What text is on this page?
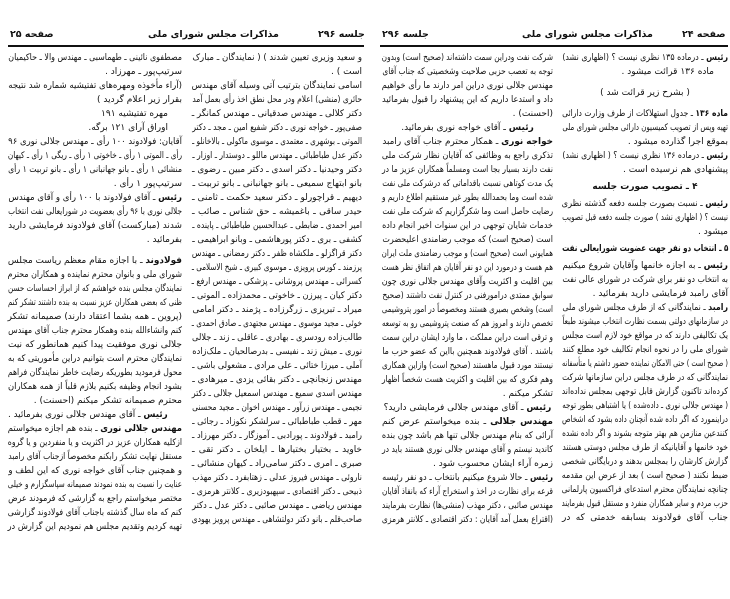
صفحه ۲۵	مذاکرات مجلس شورای ملی	جلسه ۲۹۶
مصطفوی نائینی ـ طهماسبی ـ مهندس والا ـ حاکیمیان
سرتیپ‌پور ـ مهرزاد .
(آراء مأخوذه ومهره‌های تفتیشیه شماره شد نتیجه
بقرار زیر اعلام گردید )
مهره تفتیشیه ۱۹۱
اوراق آرای ۱۲۱ برگه.
آقایان: فولادوند ۱۰۰ رأی ـ مهندس جلالی نوری ۹۶
رأی ـ الموتی ۱ رأی ـ خاخوتی ۱ رأی ـ ریگی ۱ رأی ـ کیهان
منشائی ۱ رأی ـ بانو جهانبانی ۱ رأی ـ بانو تربیت ۱ رأی
سرتیپ‌پور ۱ رأی .
رئیس ـ آقای فولادوند با ۱۰۰ رأی و آقای مهندس
جلالی نوری با ۹۶ رأی بعضویت در شورایعالی نفت انتخاب
شدند (مبارکست) آقای فولادوند فرمایشی دارید
بفرمائید .
فولادوند ـ با اجازه مقام معظم ریاست مجلس
شورای ملی و بانوان محترم نماینده و همکاران محترم
نمایندگان مجلس بنده خواهشم که از ابراز احساسات حسن
ظنی که بعضی همکاران عزیز نسبت به بنده داشتند تشکر کنم
(پروین ـ همه بشما اعتقاد دارند) صمیمانه تشکر
کنم وانشاءالله بنده وهمکار محترم جناب آقای مهندس
جلالی نوری موفقیت پیدا کنیم همانطور که نیت
نمایندگان محترم است بتوانیم دراین مأموریتی که به
محول فرمودید بطوریکه رضایت خاطر نمایندگان فراهم
بشود انجام وظیفه بکنیم بلازم قلباً از همه همکاران
محترم صمیمانه تشکر میکنم (احسنت) .
رئیس ـ آقای مهندس جلالی نوری بفرمائید .
مهندس جلالی نوری ـ بنده هم اجازه میخواستم
ازکلیه همکاران عزیز در اکثریت و یا منفردین و یا گروه
مستقل نهایت تشکر رابکنم مخصوصاً ازجناب آقای رامبد
و همچنین جناب آقای خواجه نوری که این لطف و
عنایت را نسبت به بنده نمودند صمیمانه سپاسگزارم و خیلی
مختصر میخواستم راجع به گزارشی که فرمودند عرض
کنم که ماه سال گذشته باجناب آقای فولادوند گزارشی
تهیه کردیم وتقدیم مجلس هم نمودیم این گزارش در
و سعید وزیری تعیین شدند ) ( نمایندگان ـ مبارک
است ) .
اسامی نمایندگان بترتیب آتی وسیله آقای مهندس
حائری (منشی) اعلام ودر محل نطق اخذ رأی بعمل آمد
دکتر کلالی ـ مهندس صدقیانی ـ مهندس کمانگر ـ
صفی‌پور ـ خواجه نوری ـ دکتر شفیع امین ـ مجد ـ دکتر
الموتی ـ بوشهری ـ معتمدی ـ موسوی ماکولی ـ بالاخانلو ـ
دکتر عدل طباطبائی ـ مهندس ماللو ـ دوستدار ـ اوزار ـ
دکتر وحیدنیا ـ دکتر اسدی ـ دکتر مبین ـ رضوی ـ
بانو ابتهاج سمیعی ـ بانو جهانبانی ـ بانو تربیت ـ
دیهیم ـ قراچورلو ـ دکتر سعید حکمت ـ ثامنی ـ
حیدر ساقی ـ باغمیشه ـ حق شناس ـ صائب ـ
امیر احمدی ـ ضابطی ـ عبدالحسین طباطبائی ـ پاینده ـ
کشفی ـ بری ـ دکتر پورهاشمی ـ وبانو ابراهیمی ـ
دکتر قراگزلو ـ ملکشاه ظفر ـ دکتر رمضانی ـ مهندس
پرزمند ـ کورس پرویزی ـ موسوی کبیری ـ شیخ الاسلامی ـ
کسرائی ـ مهندس پروشانی ـ پزشکی ـ مهندس ارفع ـ
دکتر کیان ـ پیرزن ـ خاخوتی ـ محمدزاده ـ الموتی ـ
میراد ـ تبریزی ـ زرگرزاده ـ پژمند ـ دکتر امامی
خوئی ـ مجید موسوی ـ مهندس مجتهدی ـ صادق احمدی ـ
طالب‌زاده رودسری ـ بهادری ـ عاقلی ـ زند ـ جلالی
نوری ـ میش زند ـ نفیسی ـ بدرصالحیان ـ ملک‌زاده
آملی ـ میرزا ختائی ـ علی مرادی ـ مشعولی باشی ـ
مهندس زنجانچی ـ دکتر بقائی یزدی ـ میرهادی ـ
مهندس اسدی سمیع ـ مهندس اسمعیل جلالی ـ دکتر
نجیمی ـ مهندس زرآور ـ مهندس اخوان ـ مجید محسنی
مهر ـ قطب طباطبائی ـ سرلشکر نکوزاد ـ رجائی ـ
رامبد ـ فولادوند ـ پورادبی ـ آموزگار ـ دکتر مهرزاد ـ
خاوید ـ بختیار بختیارها ـ ایلخان ـ دکتر تقی ـ
صبری ـ امری ـ دکتر سامی‌راد ـ کیهان منشائی ـ
ناروئی ـ مهندس فیروز عدلی ـ زهتابفرد ـ دکتر مهذب
ذبیحی ـ دکتر اقتصادی ـ سپهبودزیری ـ کلانتر هرمزی ـ
مهندس ریاضی ـ مهندس صائبی ـ دکتر عدل ـ دکتر
صاحب‌قلم ـ بانو دکتر دولتشاهی ـ مهندس پرویز یهودی
جلسه ۲۹۶	مذاکرات مجلس شورای ملی	صفحه ۲۴
شرکت نفت ودراین سمت داشته‌اند (صحیح است) وبدون
توجه به تعصب حزبی صلاحیت وشخصیتی که جناب آقای
مهندس جلالی نوری دراین امر دارند ما رأی خواهیم
داد و استدعا داریم که این پیشنهاد را قبول بفرمائید
(احسنت) .
رئیس ـ آقای خواجه نوری بفرمائید.
خواجه نوری ـ همکار محترم جناب آقای رامبد
تذکری راجع به وظائفی که آقایان نظار شرکت ملی
نفت دارند بسیار بجا است ومسلماً همکاران عزیز ما در
یک مدت کوتاهی نسبت باقداماتی که درشرکت ملی نفت
شده است وما بحمدالله بطور غیر مستقیم اطلاع داریم و
رضایت حاصل است وما شکرگزاریم که شرکت ملی نفت
خدمات شایان توجهی در این سنوات اخیر انجام داده
است (صحیح است) که موجب رضامندی اعلیحضرت
همایونی است (صحیح است) و موجب رضامندی ملت ایران
هم هست و درمورد این دو نفر آقایان هم اتفاق نظر هست
بین اقلیت و اکثریت وآقای مهندس جلالی نوری چون
سوابق ممتدی درامورفنی در کنترل نفت داشتند (صحیح
است) وشخص بصیری هستند ومخصوصاً در امور پتروشیمی
تخصص دارند و امروز هم که صنعت پتروشیمی رو به توسعه
و ترقی است دراین مملکت ، ما وارد ایشان دراین سمت
باشند . آقای فولادوند همچنین بااین که عضو حزب ما
نیستند مورد قبول ماهستند (صحیح است) وازاین همکاری
وهم فکری که بین اقلیت و اکثریت هست شخصاً اظهار
تشکر میکنم .
رئیس ـ آقای مهندس جلالی فرمایشی دارید؟
مهندس جلالی ـ بنده میخواستم عرض کنم
آرائی که بنام مهندس جلالی تنها هم باشد چون بنده
کاندید نیستم و آقای مهندس جلالی نوری هستند باید در
زمره آراء ایشان محسوب شود .
رئیس ـ حالا شروع میکنیم بانتخاب ـ دو نفر رئیسه
قرعه برای نظارت در اخذ و استخراج آراء که بانفاذ آقایان
مهندس صائبی ، دکتر مهذب (منشی‌ها) نظارت بفرمایند
(اقتراع بعمل آمد آقایان : دکتر اقتصادی ـ کلانتر هرمزی
رئیس ـ درماده ۱۳۵ نظری نیست ؟ (اظهاری نشد)
ماده ۱۳۶ قرائت میشود .
( بشرح زیر قرائت شد )
ماده ۱۳۶ ـ جدول استهلاکات از طرف وزارت دارائی
تهیه وپس از تصویب کمیسیون دارائی مجلس شورای ملی
بموقع اجرا گذارده میشود .
رئیس ـ درماده ۱۳۶ نظری نیست ؟ ( اظهاری نشد)
پیشنهادی هم نرسیده است .
۴ ـ تصویب صورت جلسه
رئیس ـ نسبت بصورت جلسه دفعه گذشته نظری
نیست ؟ ( اظهاری نشد ) صورت جلسه دفعه قبل تصویب
میشود .
۵ ـ انتخاب دو نفر جهت عضویت شورایعالی نفت
رئیس ـ به اجازه خانمها وآقایان شروع میکنیم
به انتخاب دو نفر برای شرکت در شورای عالی نفت
آقای رامبد فرمایشی دارید بفرمائید .
رامبد ـ نمایندگانی که از طرف مجلس شورای ملی
در سازمانهای دولتی بسمت نظارت انتخاب میشوند طبعاً
یک تکالیفی دارند که در مواقع خود لازم است مجلس
شورای ملی را در نحوه انجام تکالیف خود مطلع کنند
( صحیح است ) حتی الامکان نماینده حضور داشتم یا متأسفانه
نمایندگانی که در طرف مجلس دراین سازمانها شرکت
کرده‌اند تاکنون گزارش قابل توجهی بمجلس نداده‌اند
( مهندس جلالی نوری ـ داده‌شده ) یا اشتباهی بطور توجه
دراینمورد که اگر داده شده آنچنان داده بشود که اشخاص
کنندعین منازمن هم بهتر متوجه بشوند و اگر داده نشده
خود خانمها و آقایانیکه از طرف مجلس دوستی هستند
گزارش کارشان را بمجلس بدهند و دربایگانی شخصی
ضبط نکنند ( صحیح است ) بعد از عرض این مقدمه
چنانچه نمایندگان محترم استدعای فراکسیون پارلمانی
حزب مردم و سایر همکاران منفرد و مستقل قبول بفرمایند
جناب آقای فولادوند بسابقه خدمتی که در
